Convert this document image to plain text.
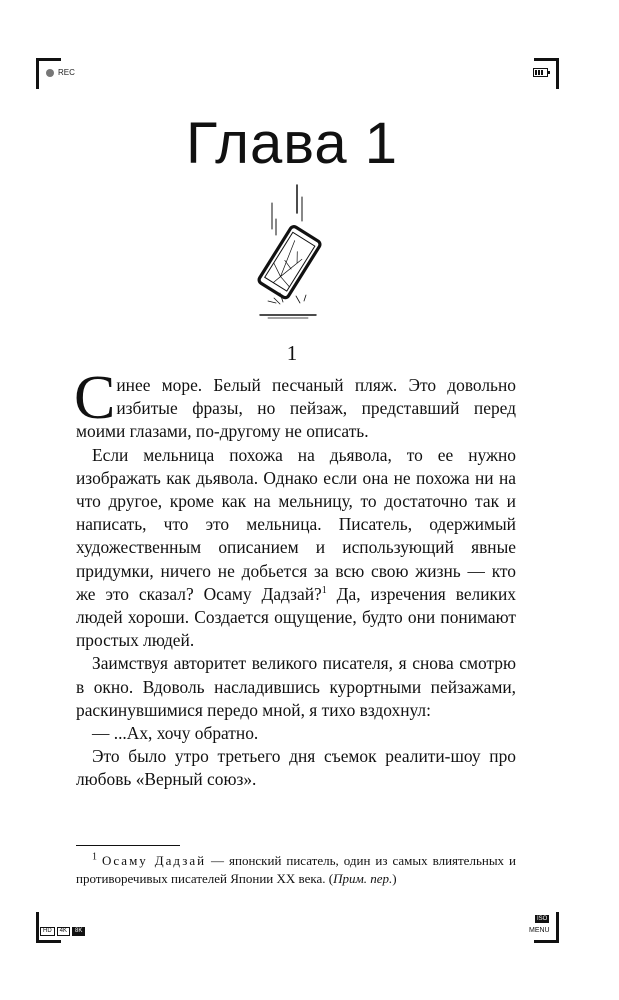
REC
HD	4K	8K
ISO
MENU
Глава 1
1

Синее море. Белый песчаный пляж. Это довольно избитые фразы, но пейзаж, представший перед моими глазами, по-другому не описать.

Если мельница похожа на дьявола, то ее нужно изображать как дьявола. Однако если она не похожа ни на что другое, кроме как на мельницу, то достаточно так и написать, что это мельница. Писатель, одержимый художественным описанием и использующий явные придумки, ничего не добьется за всю свою жизнь — кто же это сказал? Осаму Дадзай?$^1$ Да, изречения великих людей хороши. Создается ощущение, будто они понимают простых людей.

Заимствуя авторитет великого писателя, я снова смотрю в окно. Вдоволь насладившись курортными пейзажами, раскинувшимися передо мной, я тихо вздохнул:

— ...Ах, хочу обратно.

Это было утро третьего дня съемок реалити-шоу про любовь «Верный союз».

$^1$ Осаму Дадзай — японский писатель, один из самых влиятельных и противоречивых писателей Японии XX века. (Прим. пер.)
